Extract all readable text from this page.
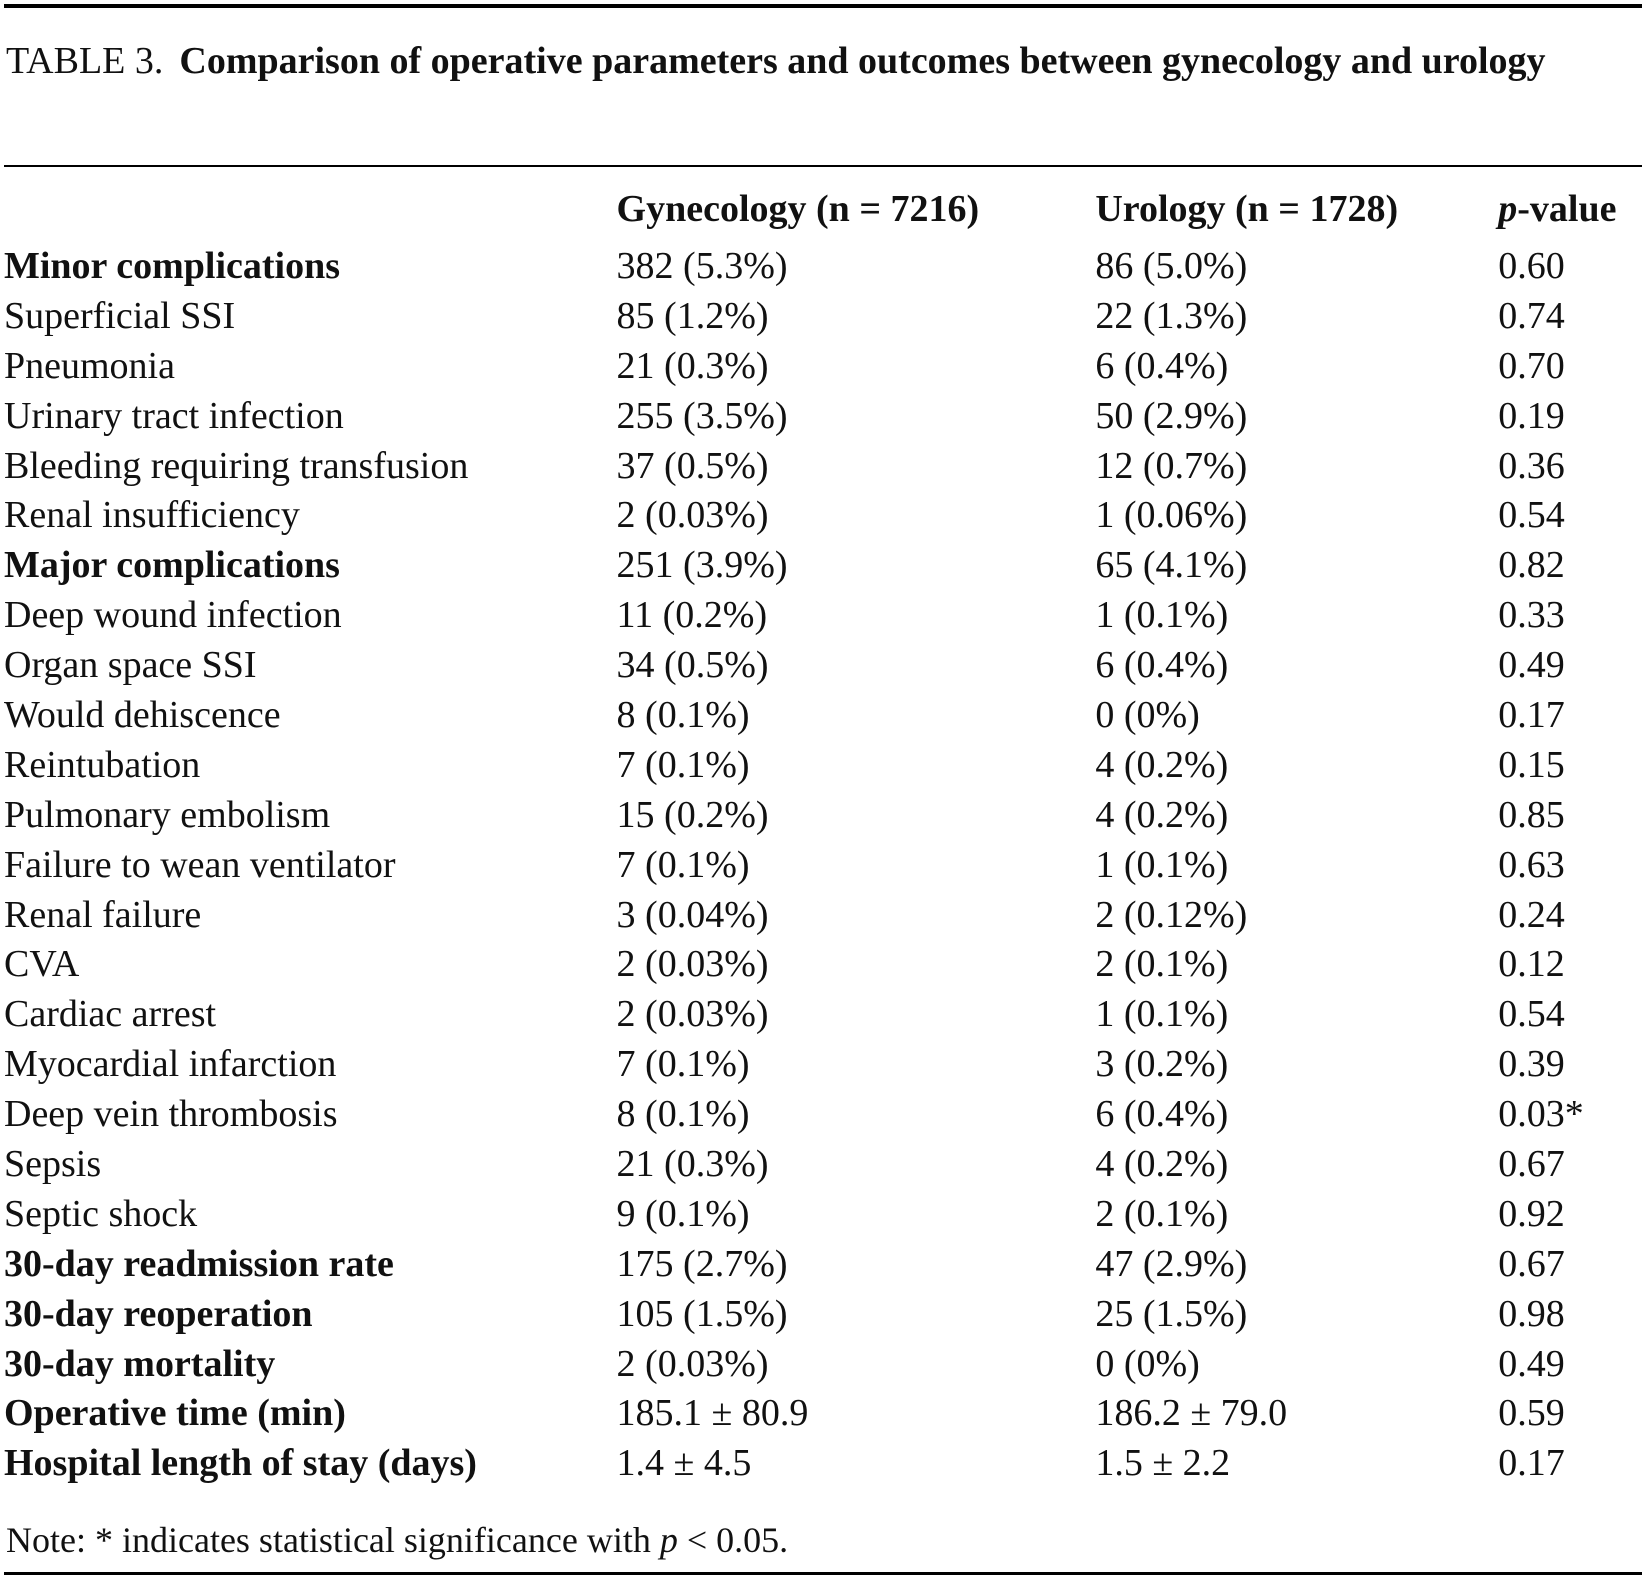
TABLE 3. Comparison of operative parameters and outcomes between gynecology and urology
	Gynecology (n = 7216)	Urology (n = 1728)	p-value
Minor complications	382 (5.3%)	86 (5.0%)	0.60
Superficial SSI	85 (1.2%)	22 (1.3%)	0.74
Pneumonia	21 (0.3%)	6 (0.4%)	0.70
Urinary tract infection	255 (3.5%)	50 (2.9%)	0.19
Bleeding requiring transfusion	37 (0.5%)	12 (0.7%)	0.36
Renal insufficiency	2 (0.03%)	1 (0.06%)	0.54
Major complications	251 (3.9%)	65 (4.1%)	0.82
Deep wound infection	11 (0.2%)	1 (0.1%)	0.33
Organ space SSI	34 (0.5%)	6 (0.4%)	0.49
Would dehiscence	8 (0.1%)	0 (0%)	0.17
Reintubation	7 (0.1%)	4 (0.2%)	0.15
Pulmonary embolism	15 (0.2%)	4 (0.2%)	0.85
Failure to wean ventilator	7 (0.1%)	1 (0.1%)	0.63
Renal failure	3 (0.04%)	2 (0.12%)	0.24
CVA	2 (0.03%)	2 (0.1%)	0.12
Cardiac arrest	2 (0.03%)	1 (0.1%)	0.54
Myocardial infarction	7 (0.1%)	3 (0.2%)	0.39
Deep vein thrombosis	8 (0.1%)	6 (0.4%)	0.03*
Sepsis	21 (0.3%)	4 (0.2%)	0.67
Septic shock	9 (0.1%)	2 (0.1%)	0.92
30-day readmission rate	175 (2.7%)	47 (2.9%)	0.67
30-day reoperation	105 (1.5%)	25 (1.5%)	0.98
30-day mortality	2 (0.03%)	0 (0%)	0.49
Operative time (min)	185.1 ± 80.9	186.2 ± 79.0	0.59
Hospital length of stay (days)	1.4 ± 4.5	1.5 ± 2.2	0.17
Note: * indicates statistical significance with p < 0.05.
